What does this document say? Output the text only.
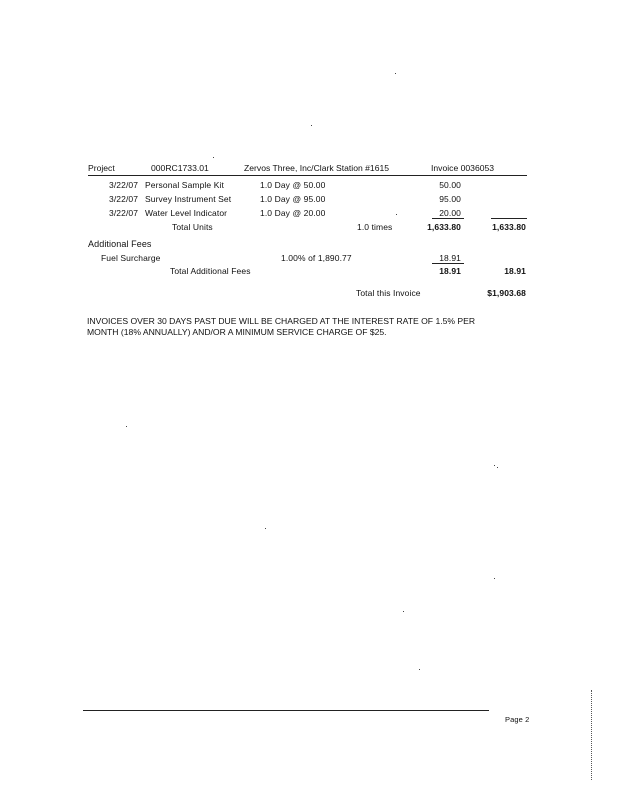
Project	000RC1733.01	Zervos Three, Inc/Clark Station #1615	Invoice 0036053
3/22/07 Personal Sample Kit	1.0 Day @ 50.00	50.00
3/22/07 Survey Instrument Set	1.0 Day @ 95.00	95.00
3/22/07 Water Level Indicator	1.0 Day @ 20.00	20.00
Total Units	1.0 times	1,633.80	1,633.80
Additional Fees
Fuel Surcharge	1.00% of 1,890.77	18.91
Total Additional Fees	18.91	18.91
Total this Invoice	$1,903.68
INVOICES OVER 30 DAYS PAST DUE WILL BE CHARGED AT THE INTEREST RATE OF 1.5% PER MONTH (18% ANNUALLY) AND/OR A MINIMUM SERVICE CHARGE OF $25.
Page 2
